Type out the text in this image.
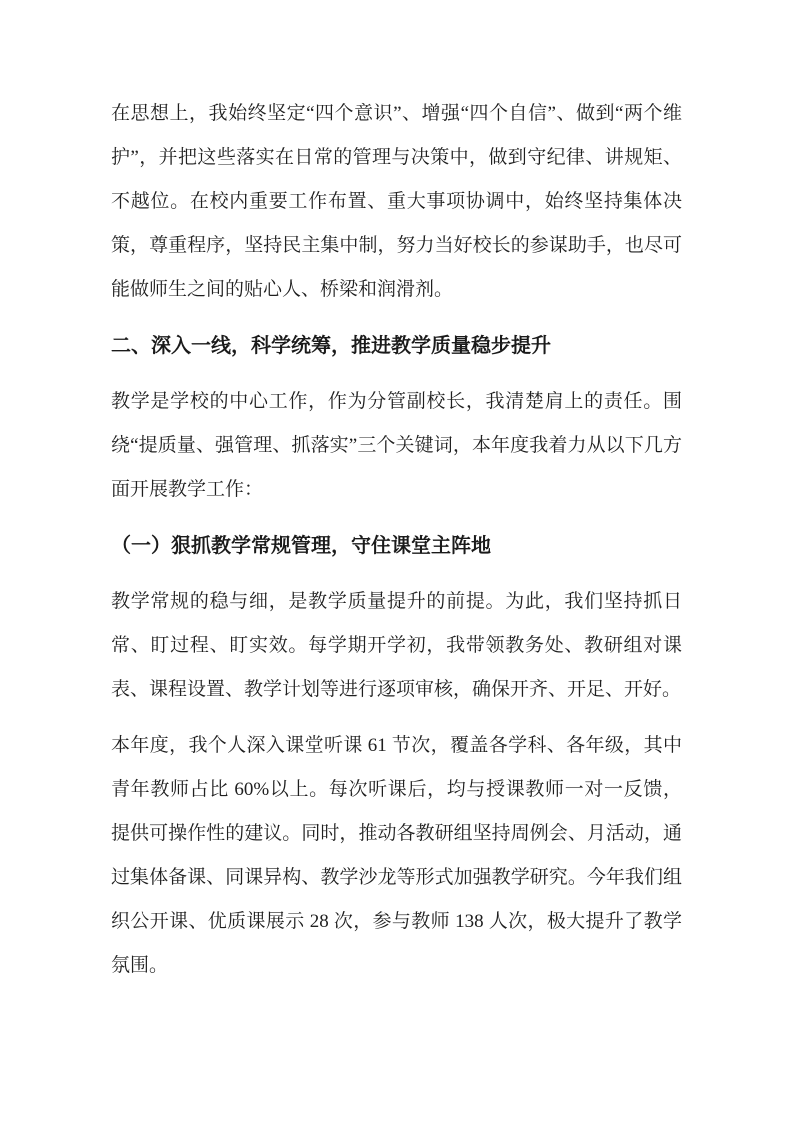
在思想上，我始终坚定“四个意识”、增强“四个自信”、做到“两个维护”，并把这些落实在日常的管理与决策中，做到守纪律、讲规矩、不越位。在校内重要工作布置、重大事项协调中，始终坚持集体决策，尊重程序，坚持民主集中制，努力当好校长的参谋助手，也尽可能做师生之间的贴心人、桥梁和润滑剂。

二、深入一线，科学统筹，推进教学质量稳步提升

教学是学校的中心工作，作为分管副校长，我清楚肩上的责任。围绕“提质量、强管理、抓落实”三个关键词，本年度我着力从以下几方面开展教学工作：

（一）狠抓教学常规管理，守住课堂主阵地

教学常规的稳与细，是教学质量提升的前提。为此，我们坚持抓日常、盯过程、盯实效。每学期开学初，我带领教务处、教研组对课表、课程设置、教学计划等进行逐项审核，确保开齐、开足、开好。

本年度，我个人深入课堂听课 61 节次，覆盖各学科、各年级，其中青年教师占比 60%以上。每次听课后，均与授课教师一对一反馈，提供可操作性的建议。同时，推动各教研组坚持周例会、月活动，通过集体备课、同课异构、教学沙龙等形式加强教学研究。今年我们组织公开课、优质课展示 28 次，参与教师 138 人次，极大提升了教学氛围。
